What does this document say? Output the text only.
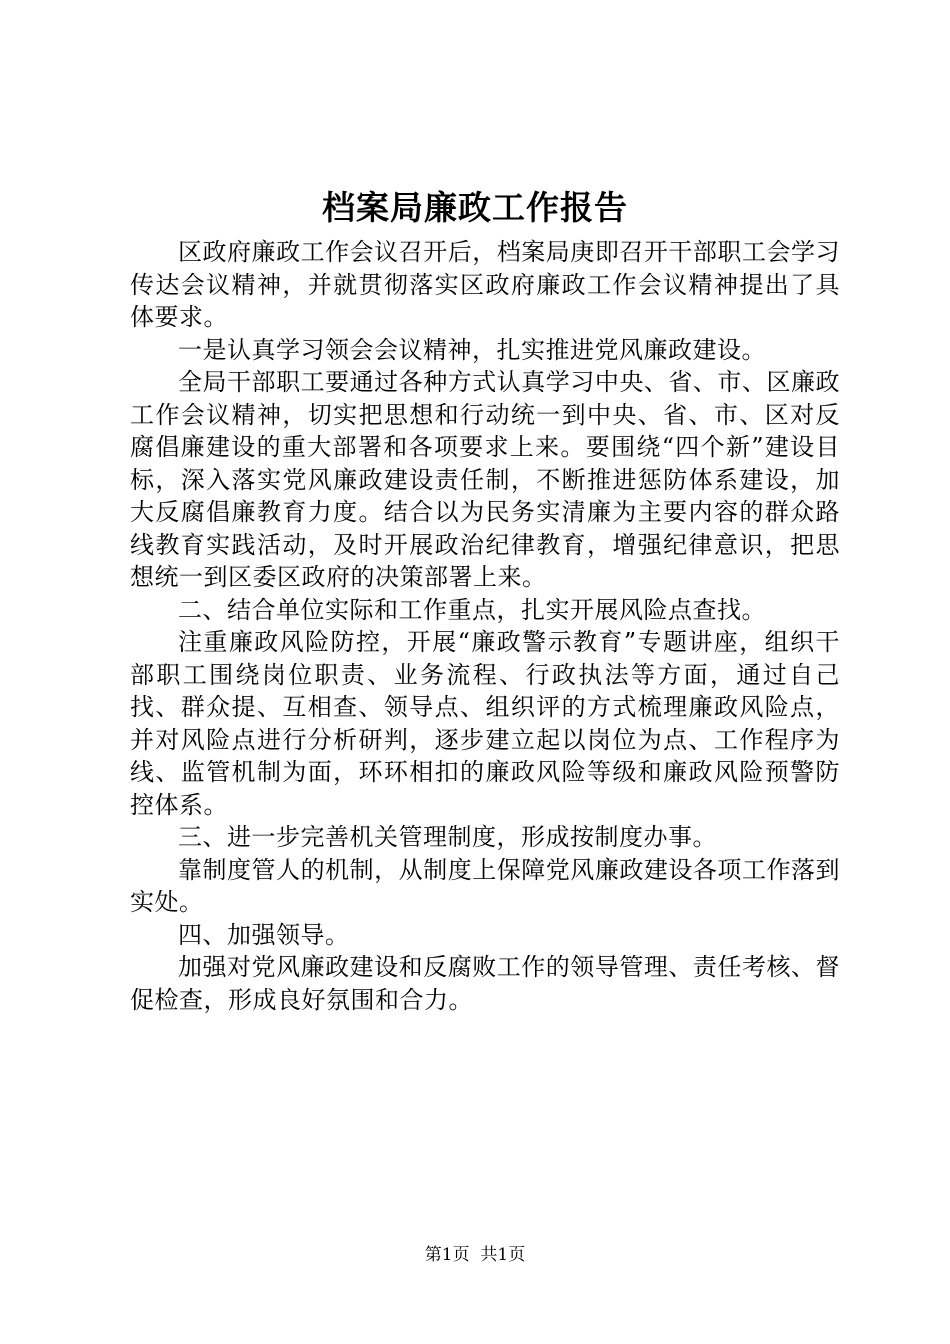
档案局廉政工作报告

区政府廉政工作会议召开后，档案局庚即召开干部职工会学习传达会议精神，并就贯彻落实区政府廉政工作会议精神提出了具体要求。

一是认真学习领会会议精神，扎实推进党风廉政建设。

全局干部职工要通过各种方式认真学习中央、省、市、区廉政工作会议精神，切实把思想和行动统一到中央、省、市、区对反腐倡廉建设的重大部署和各项要求上来。要围绕“四个新”建设目标，深入落实党风廉政建设责任制，不断推进惩防体系建设，加大反腐倡廉教育力度。结合以为民务实清廉为主要内容的群众路线教育实践活动，及时开展政治纪律教育，增强纪律意识，把思想统一到区委区政府的决策部署上来。

二、结合单位实际和工作重点，扎实开展风险点查找。

注重廉政风险防控，开展“廉政警示教育”专题讲座，组织干部职工围绕岗位职责、业务流程、行政执法等方面，通过自己找、群众提、互相查、领导点、组织评的方式梳理廉政风险点，并对风险点进行分析研判，逐步建立起以岗位为点、工作程序为线、监管机制为面，环环相扣的廉政风险等级和廉政风险预警防控体系。

三、进一步完善机关管理制度，形成按制度办事。

靠制度管人的机制，从制度上保障党风廉政建设各项工作落到实处。

四、加强领导。

加强对党风廉政建设和反腐败工作的领导管理、责任考核、督促检查，形成良好氛围和合力。

第1页 共1页
